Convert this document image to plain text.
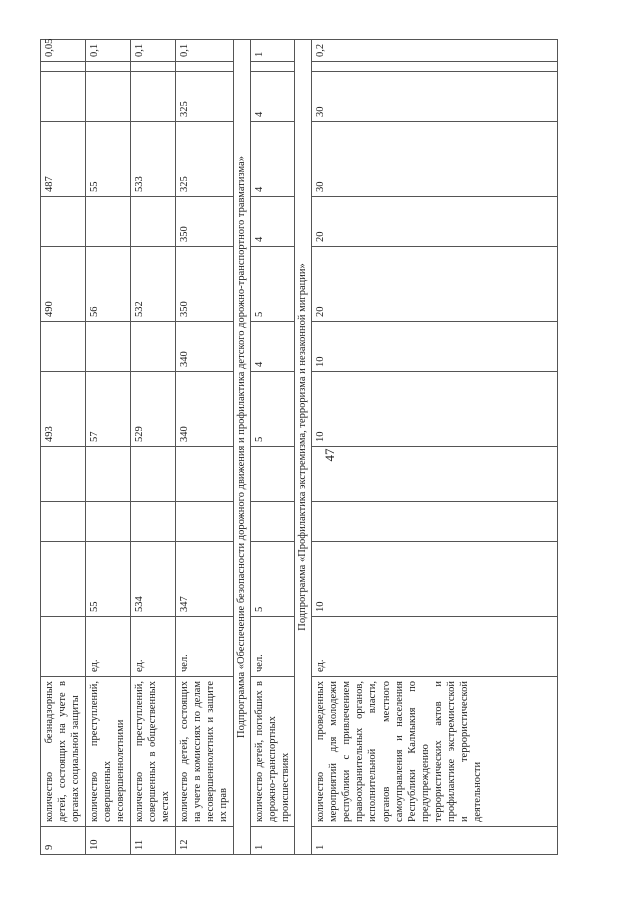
47
9	количество безнадзорных детей, состоящих на учете в органах социальной защиты					493		490		487			0,05
10	количество преступлений, совершенных несовершеннолетними	ед.	55			57		56		55			0,1
11	количество преступлений, совершенных в общественных местах	ед.	534			529		532		533			0,1
12	количество детей, состоящих на учете в комиссиях по делам несовершеннолетних и защите их прав	чел.	347			340	340	350	350	325	325		0,1
Подпрограмма «Обеспечение безопасности дорожного движения и профилактика детского дорожно-транспортного травматизма»													
1	количество детей, погибших в дорожно-транспортных происшествиях	чел.	5			5	4	5	4	4	4		1
Подпрограмма «Профилактика экстремизма, терроризма и незаконной миграции»													
1	количество проведенных мероприятий для молодежи республики с привлечением правоохранительных органов, исполнительной власти, органов местного самоуправления и населения Республики Калмыкия по предупреждению террористических актов и профилактике экстремистской и террористической деятельности	ед.	10			10	10	20	20	30	30		0,2
